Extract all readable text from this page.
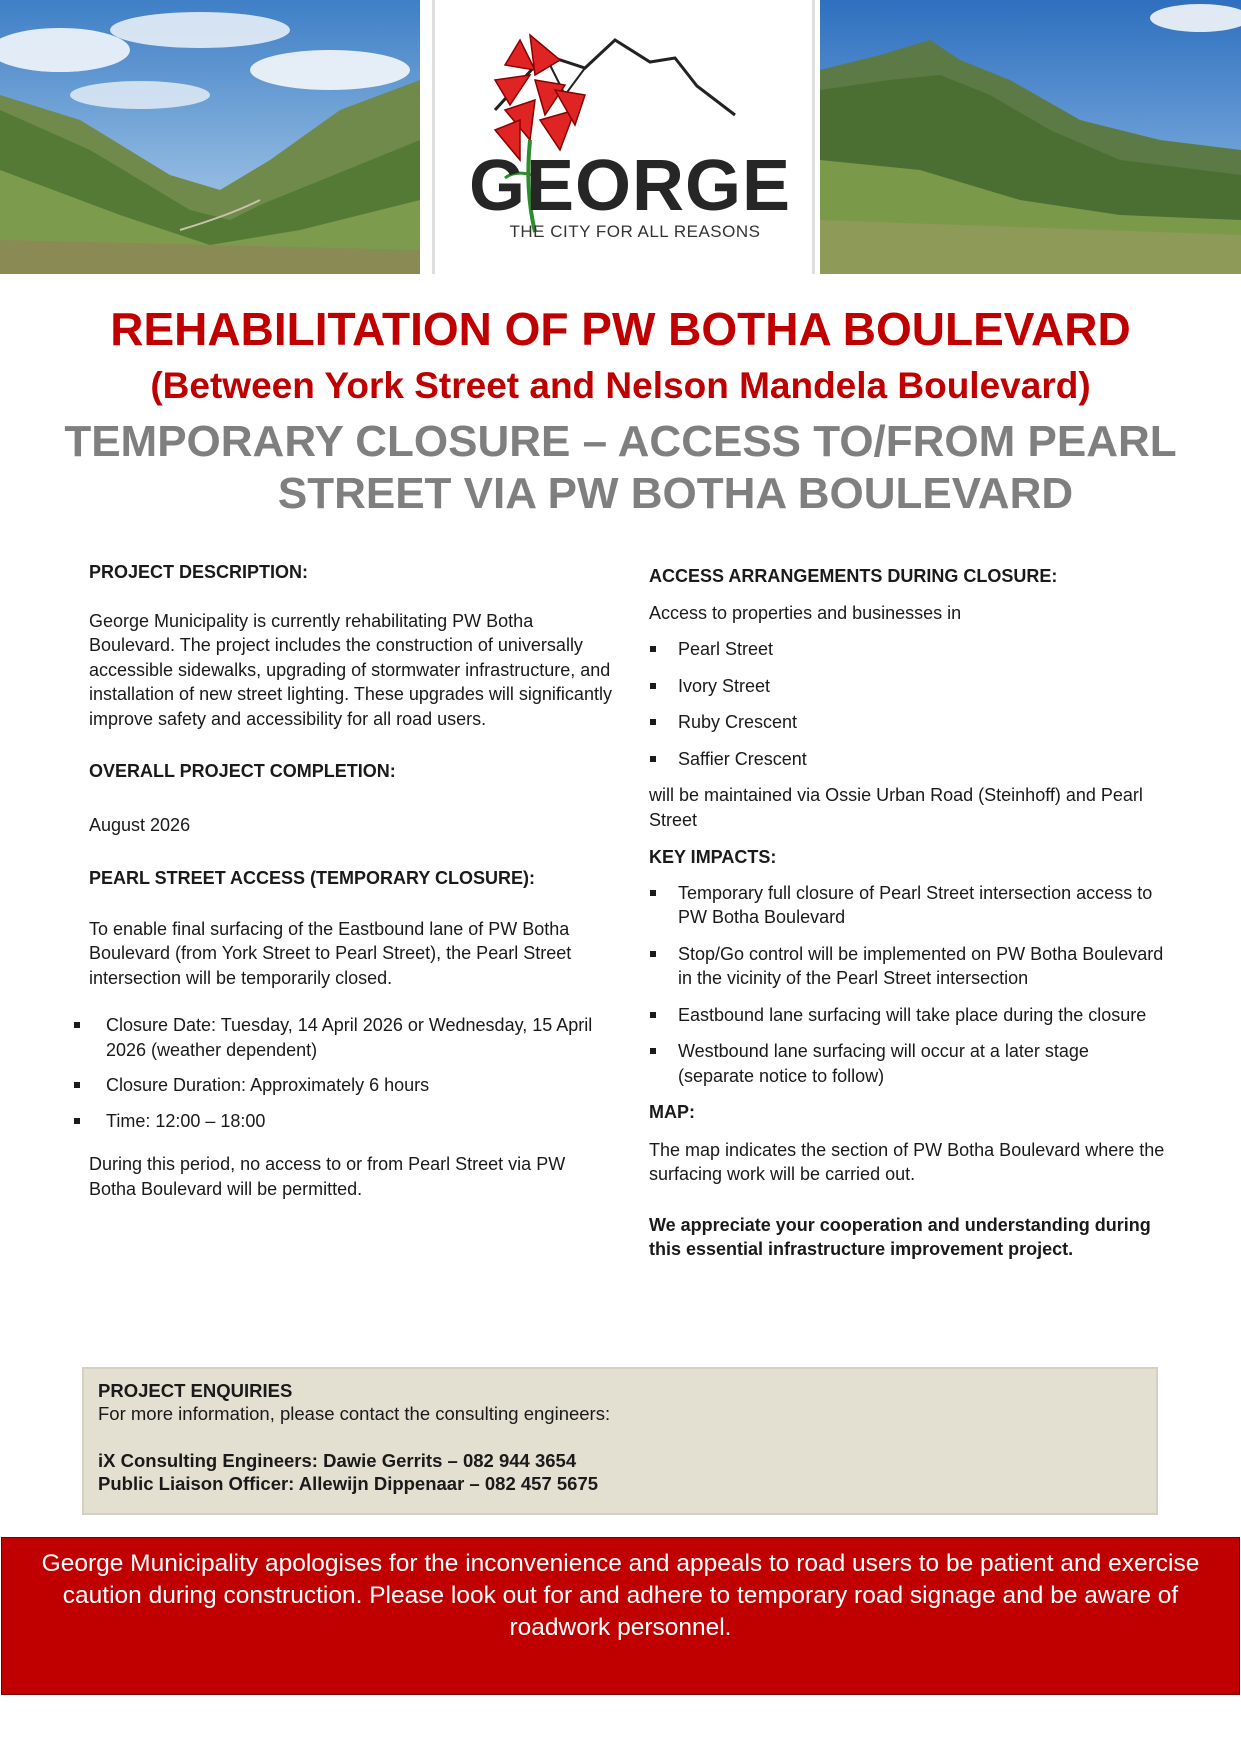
GEORGE
THE CITY FOR ALL REASONS

REHABILITATION OF PW BOTHA BOULEVARD

(Between York Street and Nelson Mandela Boulevard)

TEMPORARY CLOSURE – ACCESS TO/FROM PEARL

STREET VIA PW BOTHA BOULEVARD

PROJECT DESCRIPTION:

George Municipality is currently rehabilitating PW Botha Boulevard. The project includes the construction of universally accessible sidewalks, upgrading of stormwater infrastructure, and installation of new street lighting. These upgrades will significantly improve safety and accessibility for all road users.

OVERALL PROJECT COMPLETION:

August 2026

PEARL STREET ACCESS (TEMPORARY CLOSURE):

To enable final surfacing of the Eastbound lane of PW Botha Boulevard (from York Street to Pearl Street), the Pearl Street intersection will be temporarily closed.

Closure Date: Tuesday, 14 April 2026 or Wednesday, 15 April 2026 (weather dependent)
Closure Duration: Approximately 6 hours
Time: 12:00 – 18:00

During this period, no access to or from Pearl Street via PW Botha Boulevard will be permitted.

ACCESS ARRANGEMENTS DURING CLOSURE:

Access to properties and businesses in

Pearl Street
Ivory Street
Ruby Crescent
Saffier Crescent

will be maintained via Ossie Urban Road (Steinhoff) and Pearl Street

KEY IMPACTS:

Temporary full closure of Pearl Street intersection access to PW Botha Boulevard
Stop/Go control will be implemented on PW Botha Boulevard in the vicinity of the Pearl Street intersection
Eastbound lane surfacing will take place during the closure
Westbound lane surfacing will occur at a later stage (separate notice to follow)

MAP:

The map indicates the section of PW Botha Boulevard where the surfacing work will be carried out.

We appreciate your cooperation and understanding during this essential infrastructure improvement project.

PROJECT ENQUIRIES
For more information, please contact the consulting engineers:
iX Consulting Engineers: Dawie Gerrits – 082 944 3654
Public Liaison Officer: Allewijn Dippenaar – 082 457 5675
George Municipality apologises for the inconvenience and appeals to road users to be patient and exercise caution during construction. Please look out for and adhere to temporary road signage and be aware of roadwork personnel.
